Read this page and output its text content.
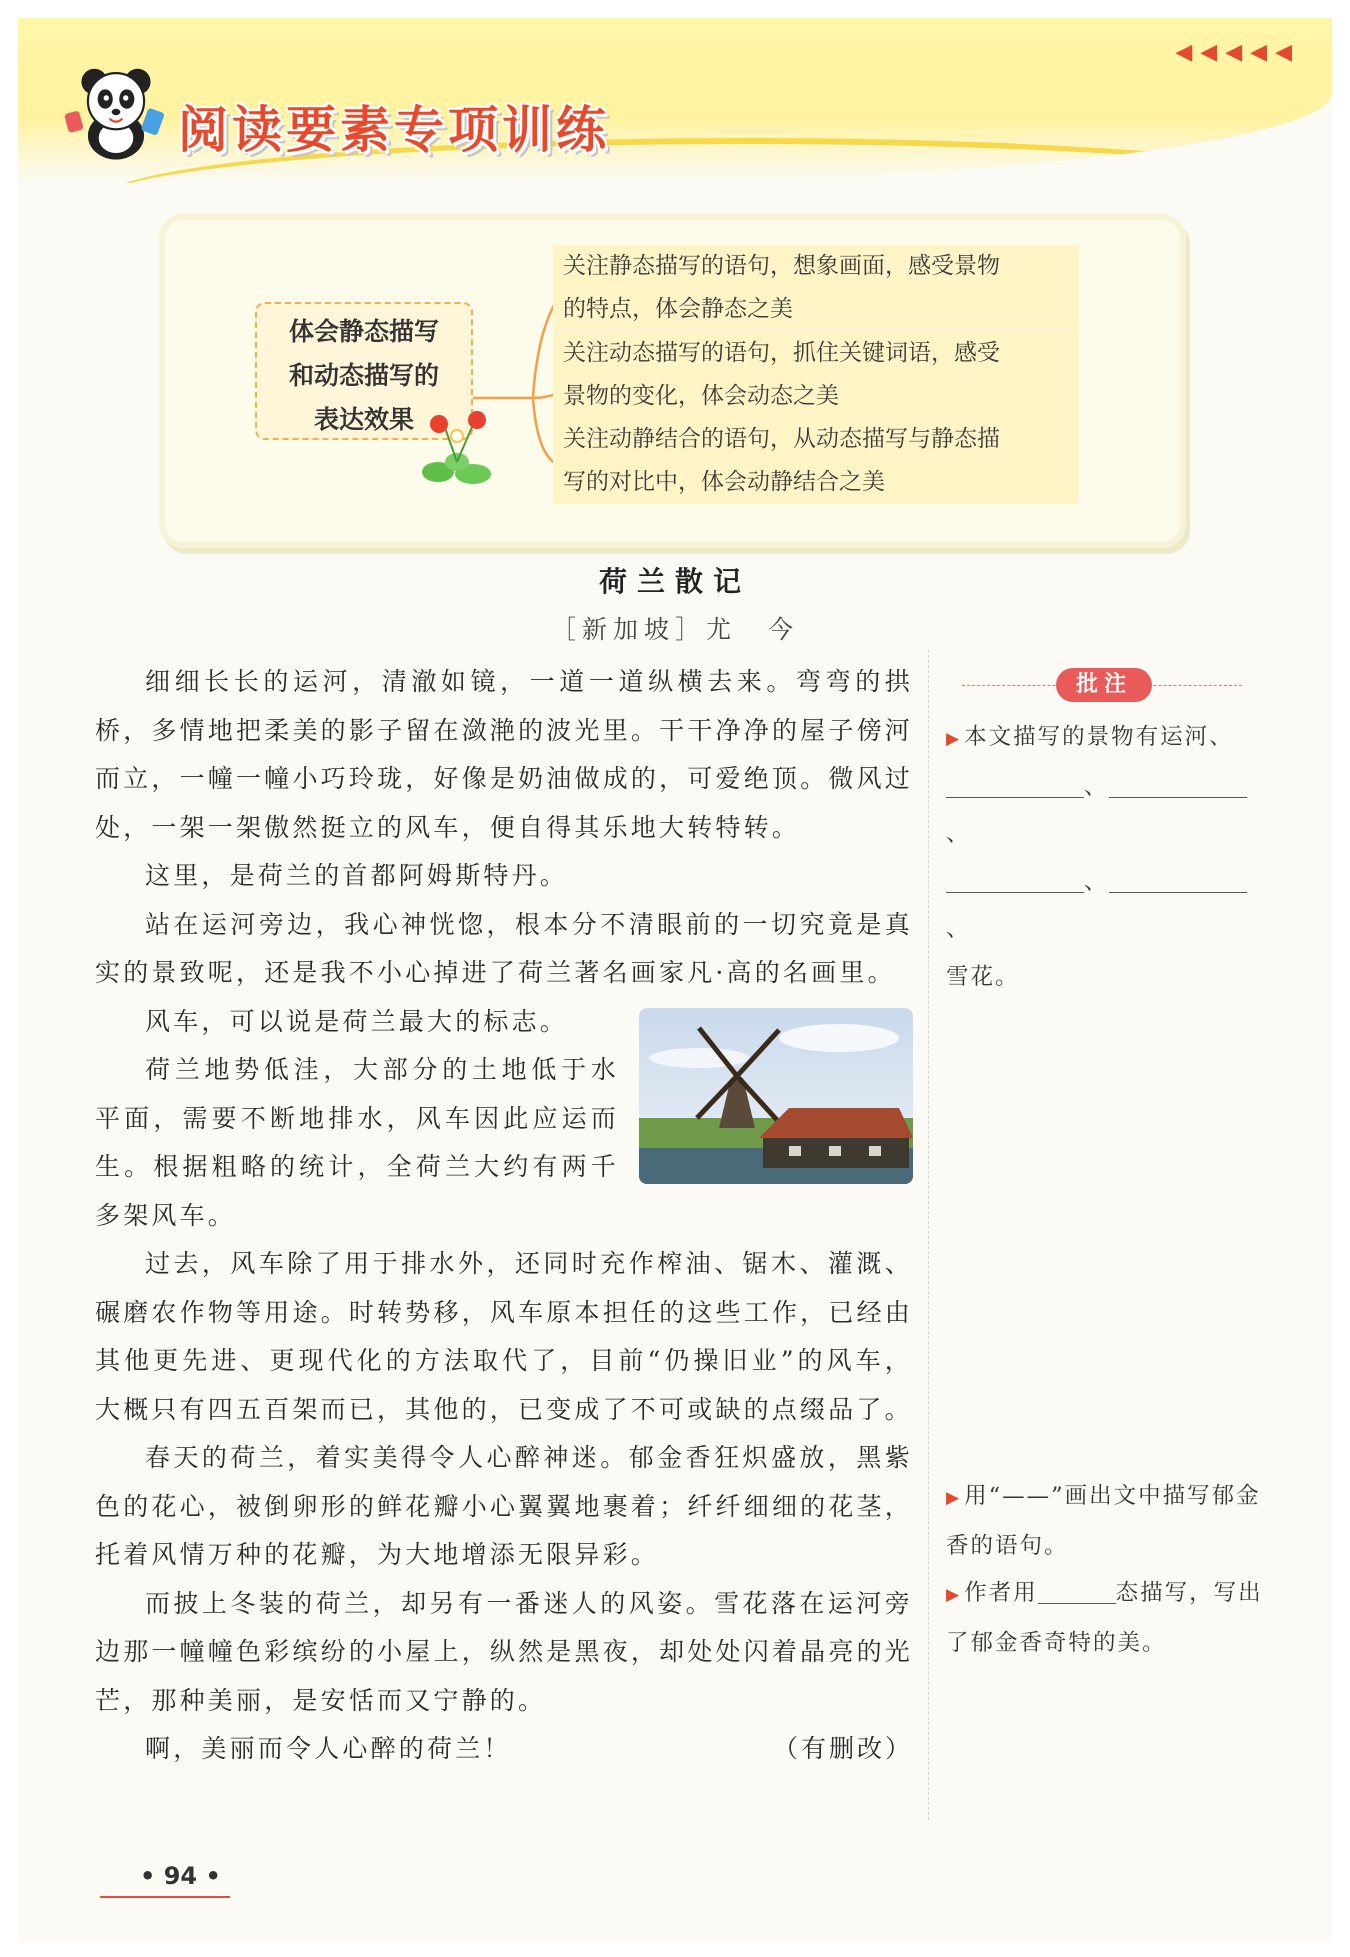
◀◀◀◀◀
阅读要素专项训练
体会静态描写
和动态描写的
表达效果
关注静态描写的语句，想象画面，感受景物
的特点，体会静态之美
关注动态描写的语句，抓住关键词语，感受
景物的变化，体会动态之美
关注动静结合的语句，从动态描写与静态描
写的对比中，体会动静结合之美
荷兰散记
［新加坡］尤　今

细细长长的运河，清澈如镜，一道一道纵横去来。弯弯的拱桥，多情地把柔美的影子留在潋滟的波光里。干干净净的屋子傍河而立，一幢一幢小巧玲珑，好像是奶油做成的，可爱绝顶。微风过处，一架一架傲然挺立的风车，便自得其乐地大转特转。

这里，是荷兰的首都阿姆斯特丹。

站在运河旁边，我心神恍惚，根本分不清眼前的一切究竟是真实的景致呢，还是我不小心掉进了荷兰著名画家凡·高的名画里。

风车，可以说是荷兰最大的标志。

荷兰地势低洼，大部分的土地低于水平面，需要不断地排水，风车因此应运而生。根据粗略的统计，全荷兰大约有两千多架风车。

过去，风车除了用于排水外，还同时充作榨油、锯木、灌溉、碾磨农作物等用途。时转势移，风车原本担任的这些工作，已经由其他更先进、更现代化的方法取代了，目前“仍操旧业”的风车，大概只有四五百架而已，其他的，已变成了不可或缺的点缀品了。

春天的荷兰，着实美得令人心醉神迷。郁金香狂炽盛放，黑紫色的花心，被倒卵形的鲜花瓣小心翼翼地裹着；纤纤细细的花茎，托着风情万种的花瓣，为大地增添无限异彩。

而披上冬装的荷兰，却另有一番迷人的风姿。雪花落在运河旁边那一幢幢色彩缤纷的小屋上，纵然是黑夜，却处处闪着晶亮的光芒，那种美丽，是安恬而又宁静的。

啊，美丽而令人心醉的荷兰！	（有删改）

批注
▶ 本文描写的景物有运河、
、、
、、
雪花。
▶ 用“——”画出文中描写郁金香的语句。
▶ 作者用	态描写，写出了郁金香奇特的美。
• 94 •
